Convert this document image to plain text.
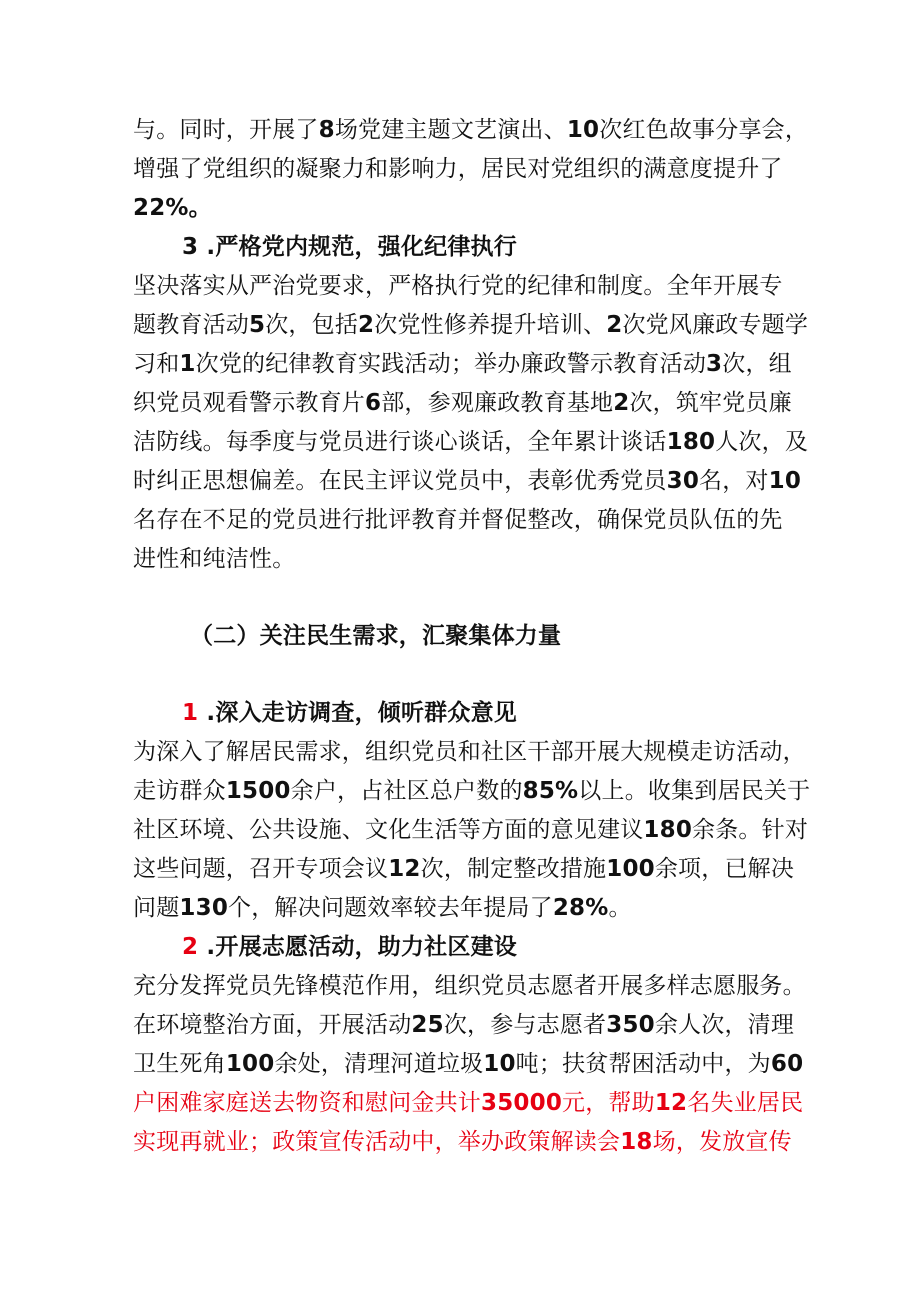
与。同时，开展了8场党建主题文艺演出、10次红色故事分享会，
增强了党组织的凝聚力和影响力，居民对党组织的满意度提升了
22%。
3 .严格党内规范，强化纪律执行
坚决落实从严治党要求，严格执行党的纪律和制度。全年开展专
题教育活动5次，包括2次党性修养提升培训、2次党风廉政专题学
习和1次党的纪律教育实践活动；举办廉政警示教育活动3次，组
织党员观看警示教育片6部，参观廉政教育基地2次，筑牢党员廉
洁防线。每季度与党员进行谈心谈话，全年累计谈话180人次，及
时纠正思想偏差。在民主评议党员中，表彰优秀党员30名，对10
名存在不足的党员进行批评教育并督促整改，确保党员队伍的先
进性和纯洁性。
（二）关注民生需求，汇聚集体力量
1 .深入走访调查，倾听群众意见
为深入了解居民需求，组织党员和社区干部开展大规模走访活动，
走访群众1500余户，占社区总户数的85%以上。收集到居民关于
社区环境、公共设施、文化生活等方面的意见建议180余条。针对
这些问题，召开专项会议12次，制定整改措施100余项，已解决
问题130个，解决问题效率较去年提局了28%。
2 .开展志愿活动，助力社区建设
充分发挥党员先锋模范作用，组织党员志愿者开展多样志愿服务。
在环境整治方面，开展活动25次，参与志愿者350余人次，清理
卫生死角100余处，清理河道垃圾10吨；扶贫帮困活动中，为60
户困难家庭送去物资和慰问金共计35000元，帮助12名失业居民
实现再就业；政策宣传活动中，举办政策解读会18场，发放宣传
